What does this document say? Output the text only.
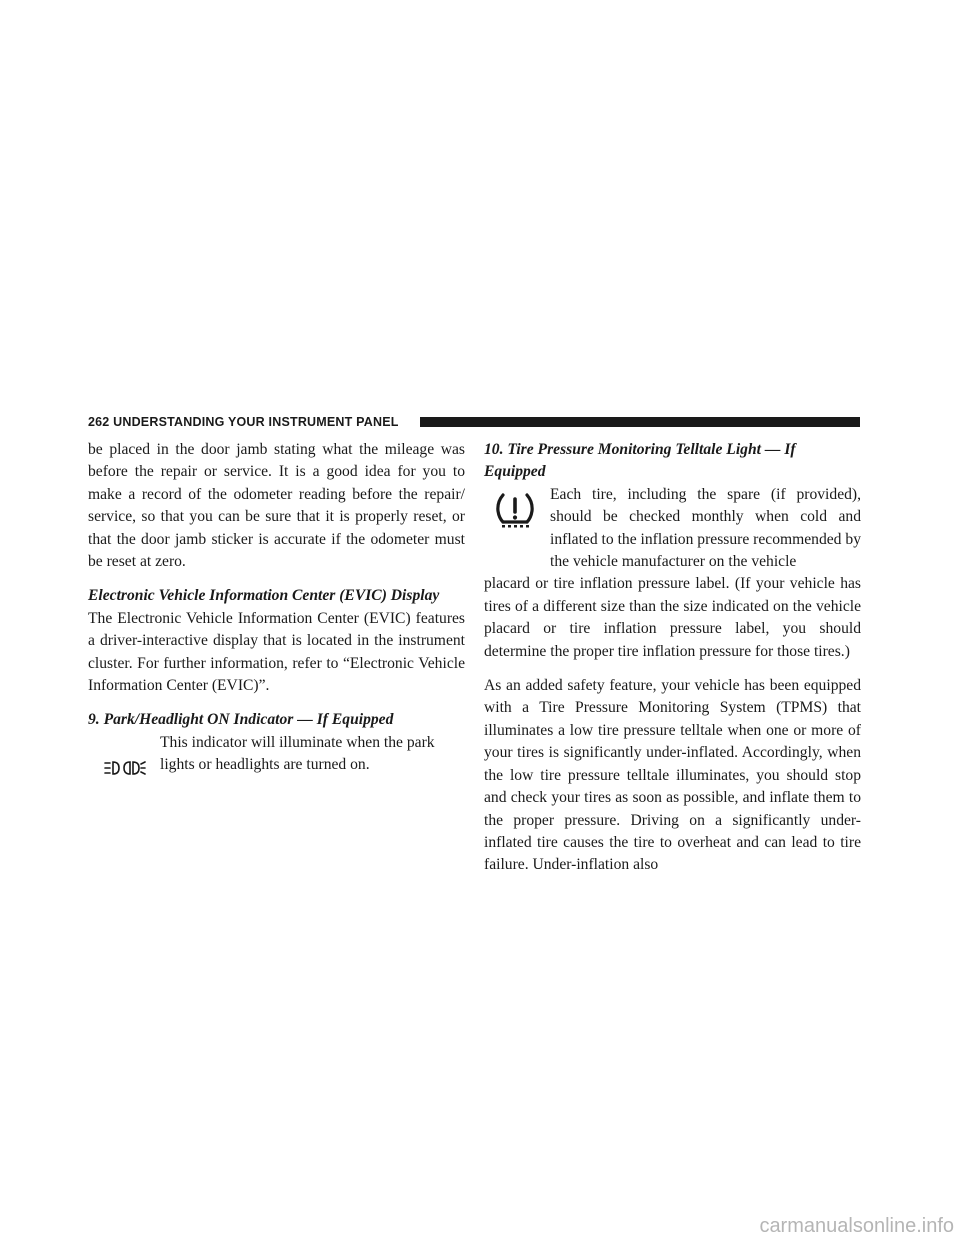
262 UNDERSTANDING YOUR INSTRUMENT PANEL

be placed in the door jamb stating what the mileage was before the repair or service. It is a good idea for you to make a record of the odometer reading before the repair/ service, so that you can be sure that it is properly reset, or that the door jamb sticker is accurate if the odometer must be reset at zero.

Electronic Vehicle Information Center (EVIC) Display

The Electronic Vehicle Information Center (EVIC) features a driver-interactive display that is located in the instrument cluster. For further information, refer to “Electronic Vehicle Information Center (EVIC)”.

9. Park/Headlight ON Indicator — If Equipped

This indicator will illuminate when the park lights or headlights are turned on.

10. Tire Pressure Monitoring Telltale Light — If Equipped

Each tire, including the spare (if provided), should be checked monthly when cold and inflated to the inflation pressure recommended by the vehicle manufacturer on the vehicle

placard or tire inflation pressure label. (If your vehicle has tires of a different size than the size indicated on the vehicle placard or tire inflation pressure label, you should determine the proper tire inflation pressure for those tires.)

As an added safety feature, your vehicle has been equipped with a Tire Pressure Monitoring System (TPMS) that illuminates a low tire pressure telltale when one or more of your tires is significantly under-inflated. Accordingly, when the low tire pressure telltale illuminates, you should stop and check your tires as soon as possible, and inflate them to the proper pressure. Driving on a significantly under-inflated tire causes the tire to overheat and can lead to tire failure. Under-inflation also

carmanualsonline.info
